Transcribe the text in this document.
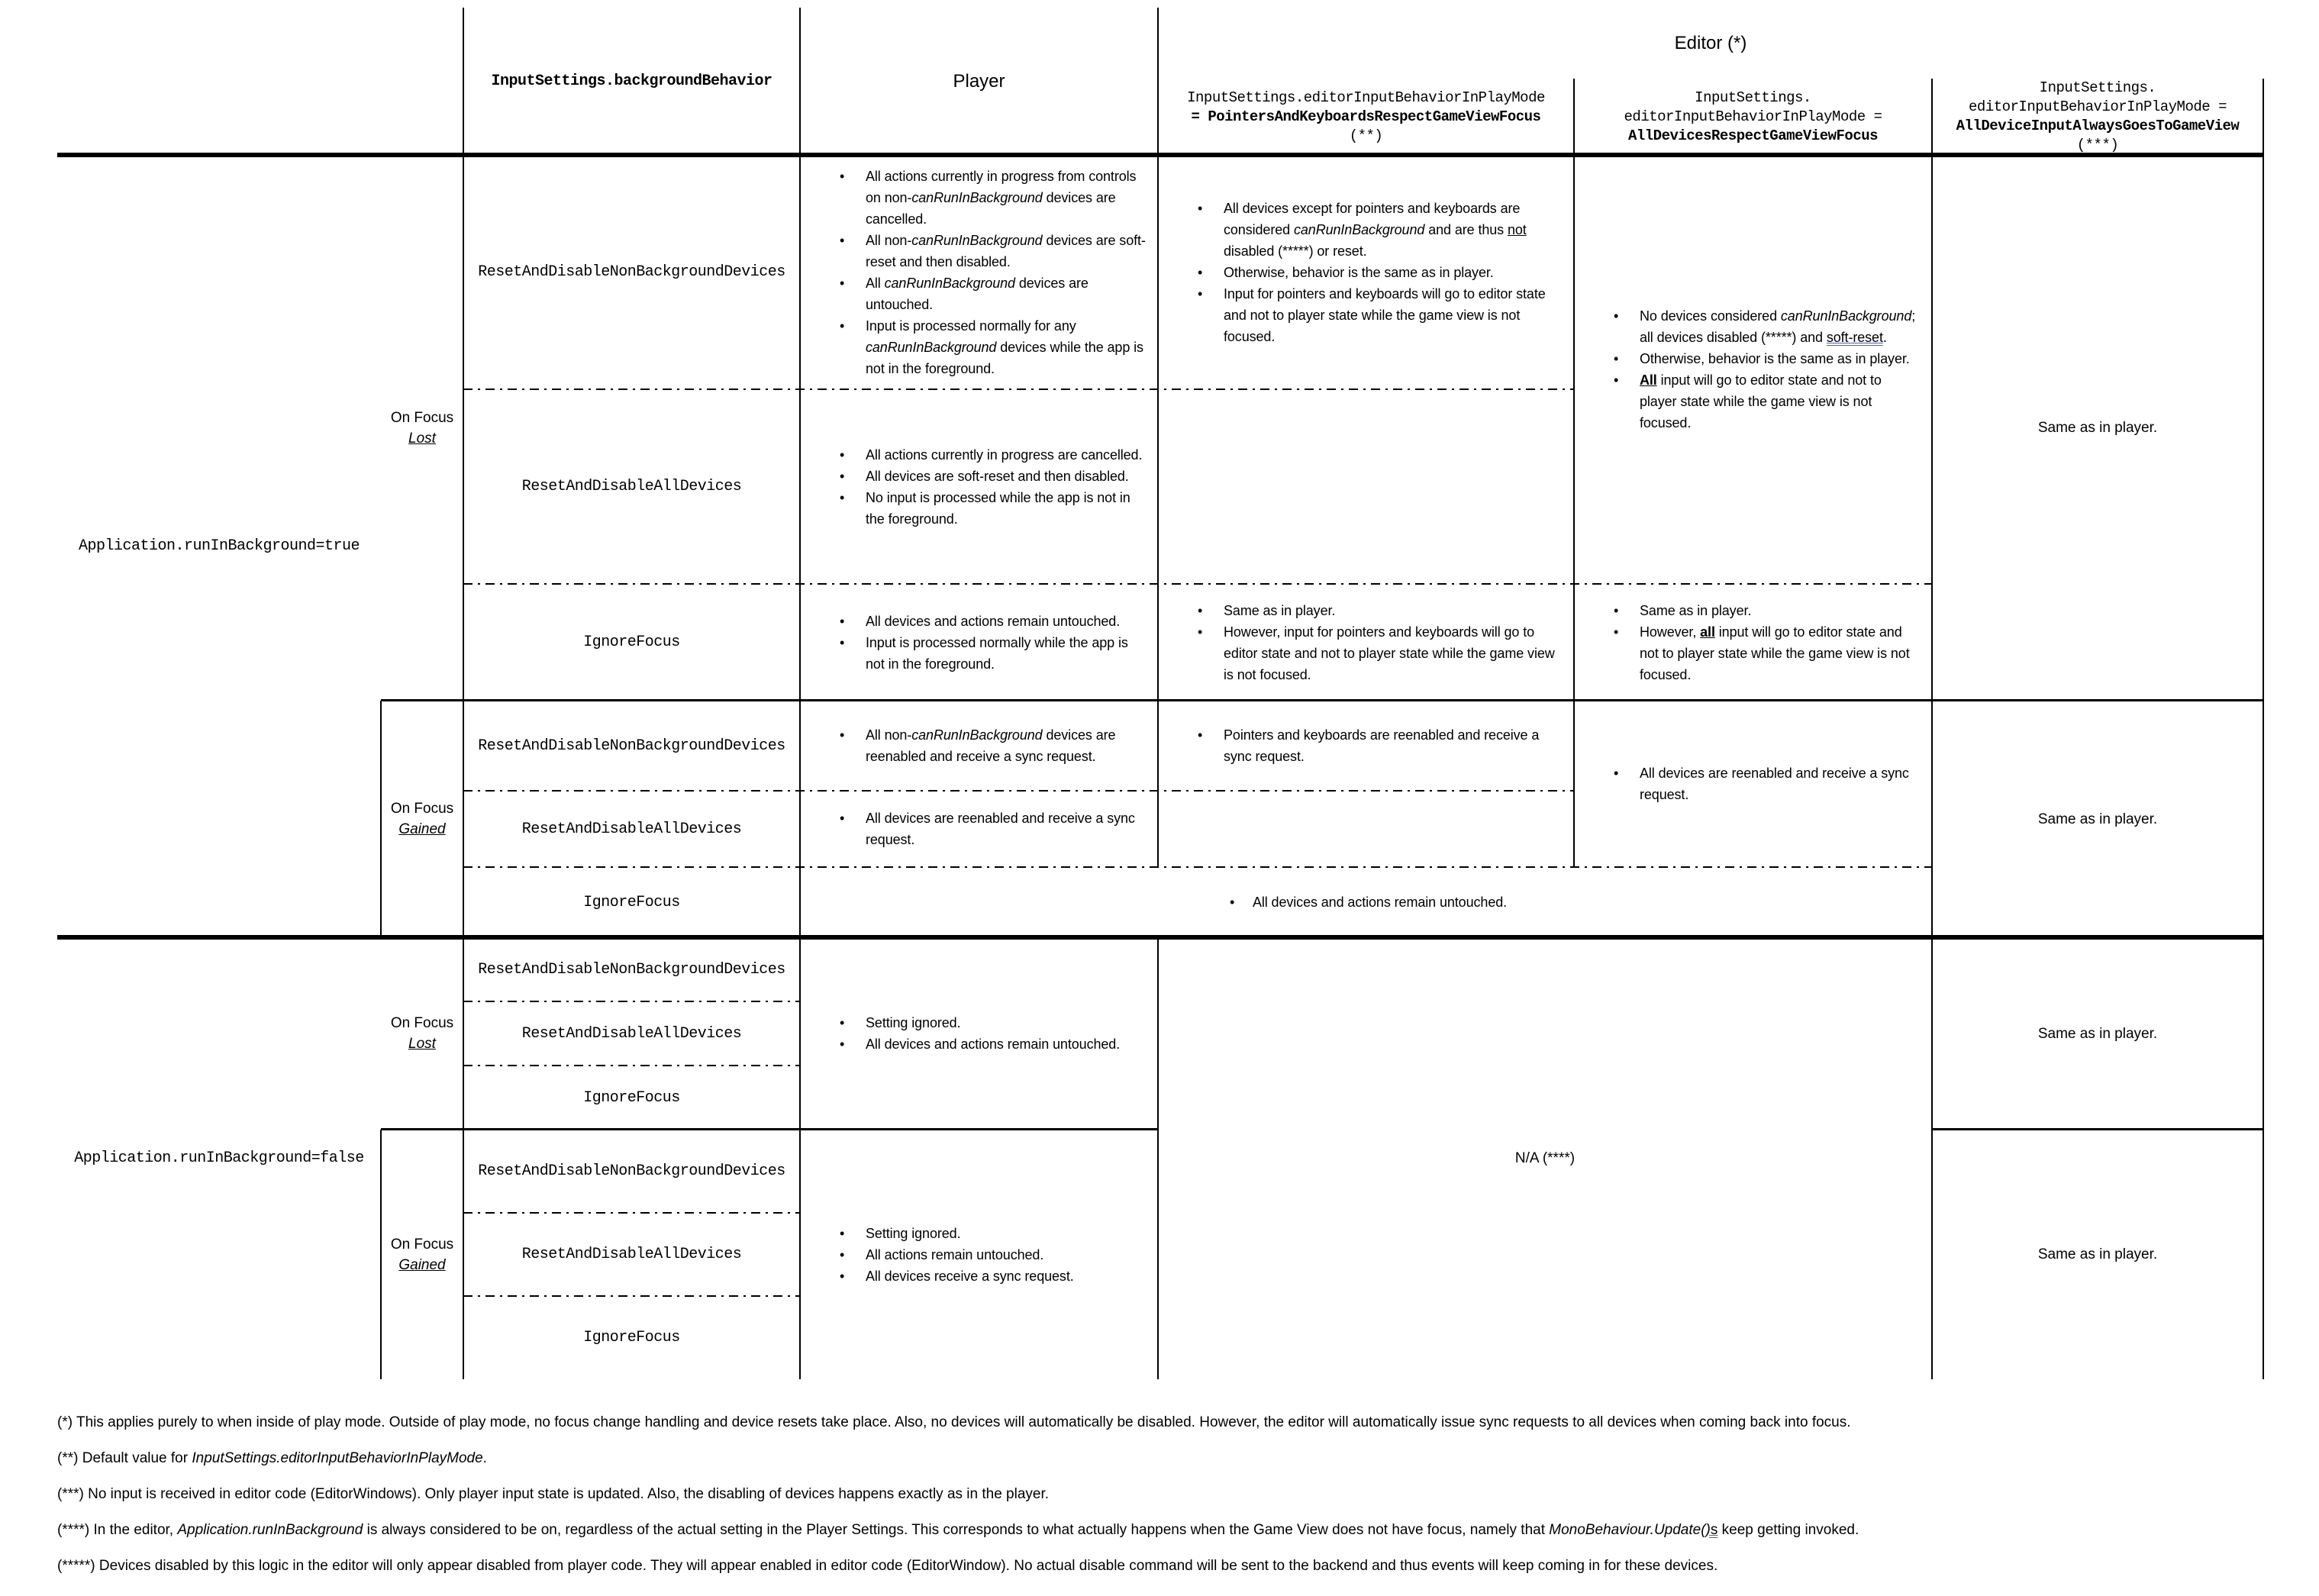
InputSettings.backgroundBehavior	Player
Editor (*)
InputSettings.editorInputBehaviorInPlayMode
= PointersAndKeyboardsRespectGameViewFocus
(**)
InputSettings.
editorInputBehaviorInPlayMode =
AllDevicesRespectGameViewFocus
InputSettings.
editorInputBehaviorInPlayMode =
AllDeviceInputAlwaysGoesToGameView
(***)
Application.runInBackground=true
On Focus
Lost
On Focus
Gained
ResetAndDisableNonBackgroundDevices
ResetAndDisableAllDevices
IgnoreFocus
ResetAndDisableNonBackgroundDevices
ResetAndDisableAllDevices
IgnoreFocus
• All actions currently in progress from controls on non-canRunInBackground devices are cancelled.
• All non-canRunInBackground devices are soft-reset and then disabled.
• All canRunInBackground devices are untouched.
• Input is processed normally for any canRunInBackground devices while the app is not in the foreground.
• All actions currently in progress are cancelled.
• All devices are soft-reset and then disabled.
• No input is processed while the app is not in the foreground.
• All devices and actions remain untouched.
• Input is processed normally while the app is not in the foreground.
• All devices except for pointers and keyboards are considered canRunInBackground and are thus not disabled (*****) or reset.
• Otherwise, behavior is the same as in player.
• Input for pointers and keyboards will go to editor state and not to player state while the game view is not focused.
• Same as in player.
• However, input for pointers and keyboards will go to editor state and not to player state while the game view is not focused.
• No devices considered canRunInBackground; all devices disabled (*****) and soft-reset.
• Otherwise, behavior is the same as in player.
• All input will go to editor state and not to player state while the game view is not focused.
• Same as in player.
• However, all input will go to editor state and not to player state while the game view is not focused.
Same as in player.
• All non-canRunInBackground devices are reenabled and receive a sync request.
• All devices are reenabled and receive a sync request.
• Pointers and keyboards are reenabled and receive a sync request.
• All devices are reenabled and receive a sync request.
• All devices and actions remain untouched.
Same as in player.
Application.runInBackground=false
On Focus
Lost
On Focus
Gained
ResetAndDisableNonBackgroundDevices
ResetAndDisableAllDevices
IgnoreFocus
ResetAndDisableNonBackgroundDevices
ResetAndDisableAllDevices
IgnoreFocus
• Setting ignored.
• All devices and actions remain untouched.
• Setting ignored.
• All actions remain untouched.
• All devices receive a sync request.
N/A (****)
Same as in player.
Same as in player.
(*) This applies purely to when inside of play mode. Outside of play mode, no focus change handling and device resets take place. Also, no devices will automatically be disabled. However, the editor will automatically issue sync requests to all devices when coming back into focus.
(**) Default value for InputSettings.editorInputBehaviorInPlayMode.
(***) No input is received in editor code (EditorWindows). Only player input state is updated. Also, the disabling of devices happens exactly as in the player.
(****) In the editor, Application.runInBackground is always considered to be on, regardless of the actual setting in the Player Settings. This corresponds to what actually happens when the Game View does not have focus, namely that MonoBehaviour.Update()s keep getting invoked.
(*****) Devices disabled by this logic in the editor will only appear disabled from player code. They will appear enabled in editor code (EditorWindow). No actual disable command will be sent to the backend and thus events will keep coming in for these devices.
